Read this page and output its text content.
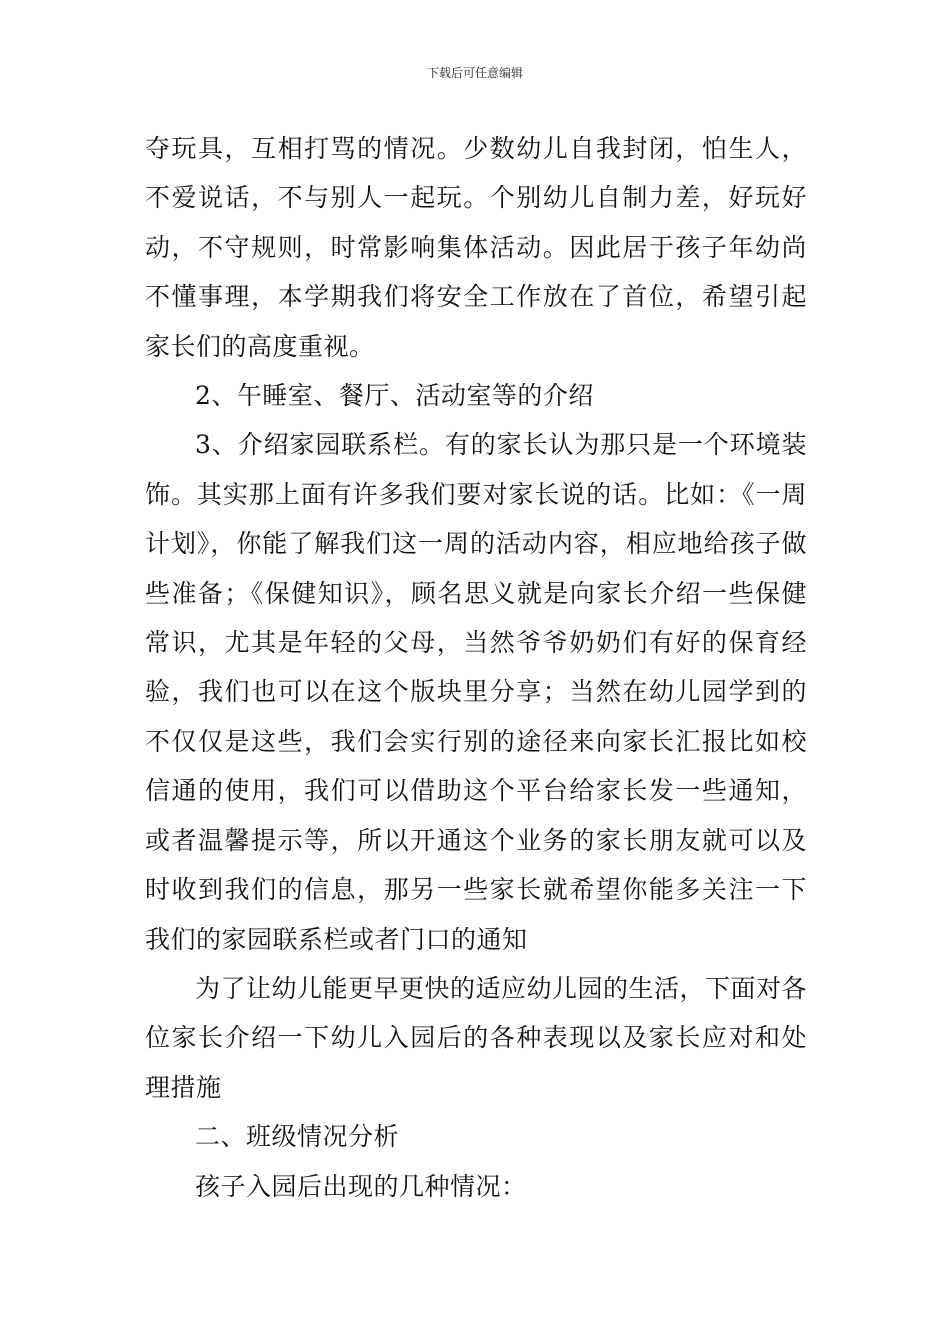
下载后可任意编辑

夺玩具，互相打骂的情况。少数幼儿自我封闭，怕生人，不爱说话，不与别人一起玩。个别幼儿自制力差，好玩好动，不守规则，时常影响集体活动。因此居于孩子年幼尚不懂事理，本学期我们将安全工作放在了首位，希望引起家长们的高度重视。

2、午睡室、餐厅、活动室等的介绍

3、介绍家园联系栏。有的家长认为那只是一个环境装饰。其实那上面有许多我们要对家长说的话。比如：《一周计划》，你能了解我们这一周的活动内容，相应地给孩子做些准备；《保健知识》，顾名思义就是向家长介绍一些保健常识，尤其是年轻的父母，当然爷爷奶奶们有好的保育经验，我们也可以在这个版块里分享；当然在幼儿园学到的不仅仅是这些，我们会实行别的途径来向家长汇报比如校信通的使用，我们可以借助这个平台给家长发一些通知，或者温馨提示等，所以开通这个业务的家长朋友就可以及时收到我们的信息，那另一些家长就希望你能多关注一下我们的家园联系栏或者门口的通知

为了让幼儿能更早更快的适应幼儿园的生活，下面对各位家长介绍一下幼儿入园后的各种表现以及家长应对和处理措施

二、班级情况分析

孩子入园后出现的几种情况：
